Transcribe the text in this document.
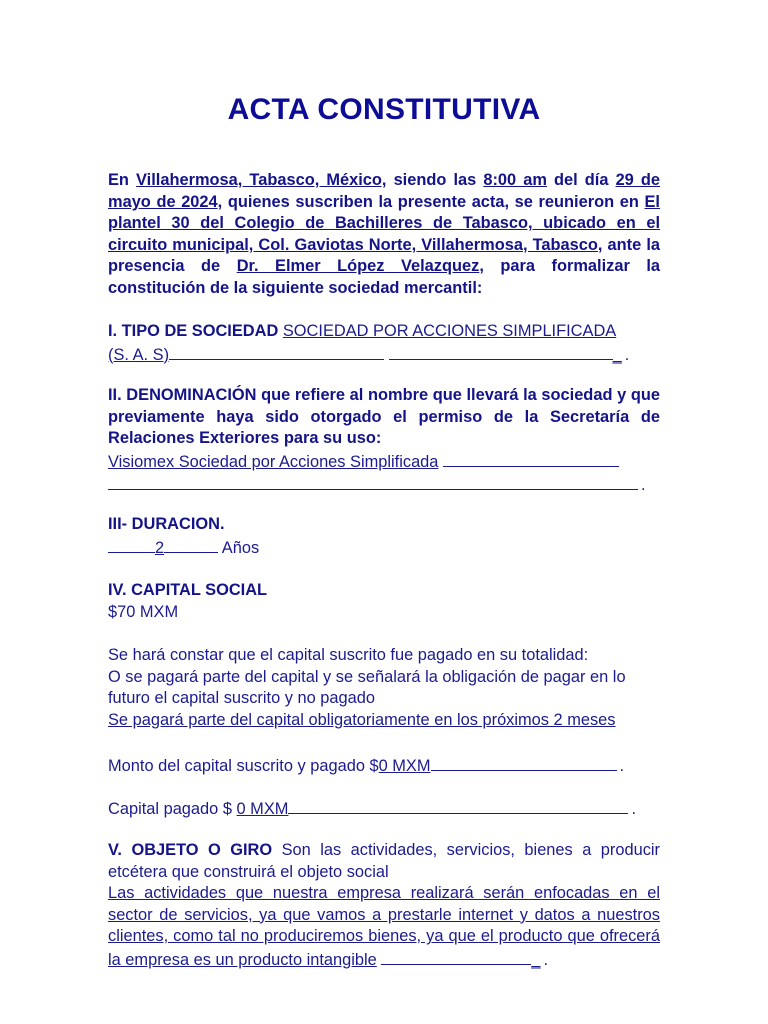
ACTA CONSTITUTIVA
En Villahermosa, Tabasco, México, siendo las 8:00 am del día 29 de mayo de 2024, quienes suscriben la presente acta, se reunieron en El plantel 30 del Colegio de Bachilleres de Tabasco, ubicado en el circuito municipal, Col. Gaviotas Norte, Villahermosa, Tabasco, ante la presencia de Dr. Elmer López Velazquez, para formalizar la constitución de la siguiente sociedad mercantil:
I. TIPO DE SOCIEDAD SOCIEDAD POR ACCIONES SIMPLIFICADA
(S. A. S)	_ .
II. DENOMINACIÓN que refiere al nombre que llevará la sociedad y que previamente haya sido otorgado el permiso de la Secretaría de Relaciones Exteriores para su uso:
Visiomex Sociedad por Acciones Simplificada
.
III- DURACION.
2	Años
IV. CAPITAL SOCIAL
$70 MXM
Se hará constar que el capital suscrito fue pagado en su totalidad:
O se pagará parte del capital y se señalará la obligación de pagar en lo futuro el capital suscrito y no pagado
Se pagará parte del capital obligatoriamente en los próximos 2 meses
Monto del capital suscrito y pagado $0 MXM	.
Capital pagado $ 0 MXM	.
V. OBJETO O GIRO Son las actividades, servicios, bienes a producir etcétera que construirá el objeto social
Las actividades que nuestra empresa realizará serán enfocadas en el sector de servicios, ya que vamos a prestarle internet y datos a nuestros clientes, como tal no produciremos bienes, ya que el producto que ofrecerá la empresa es un producto intangible	_ .
